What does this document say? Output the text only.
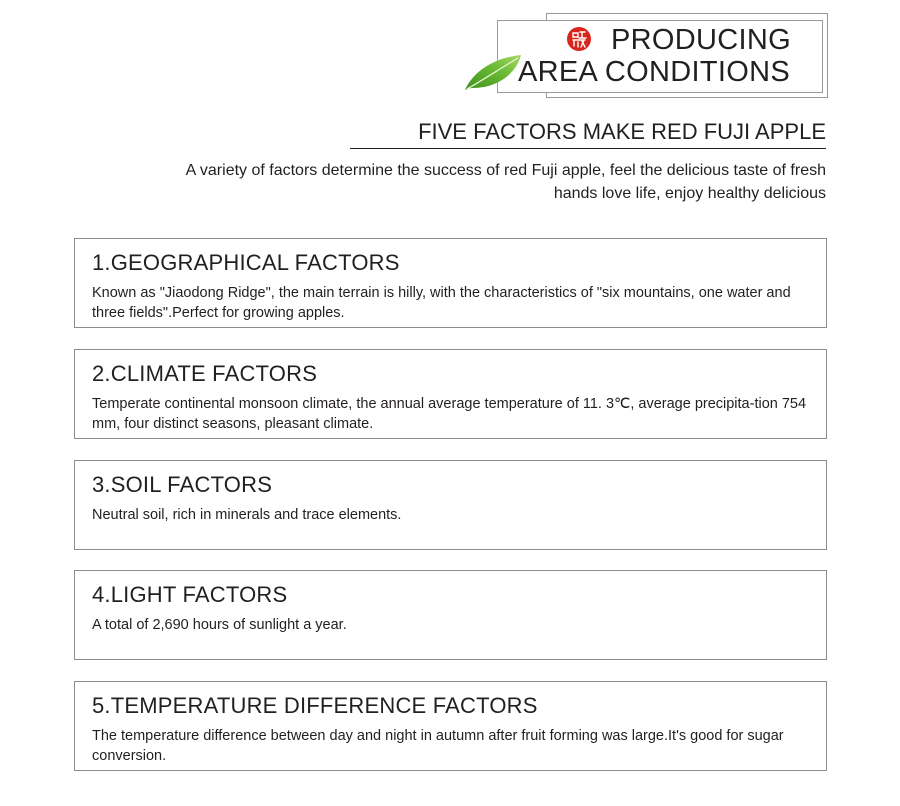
PRODUCING
AREA CONDITIONS
FIVE FACTORS MAKE RED FUJI APPLE
A variety of factors determine the success of red Fuji apple, feel the delicious taste of fresh
hands love life, enjoy healthy delicious
1.GEOGRAPHICAL FACTORS
Known as "Jiaodong Ridge", the main terrain is hilly, with the characteristics of "six mountains, one water and three fields".Perfect for growing apples.
2.CLIMATE FACTORS
Temperate continental monsoon climate, the annual average temperature of 11. 3℃, average precipita-tion 754 mm, four distinct seasons, pleasant climate.
3.SOIL FACTORS
Neutral soil, rich in minerals and trace elements.
4.LIGHT FACTORS
A total of 2,690 hours of sunlight a year.
5.TEMPERATURE DIFFERENCE FACTORS
The temperature difference between day and night in autumn after fruit forming was large.It's good for sugar conversion.
